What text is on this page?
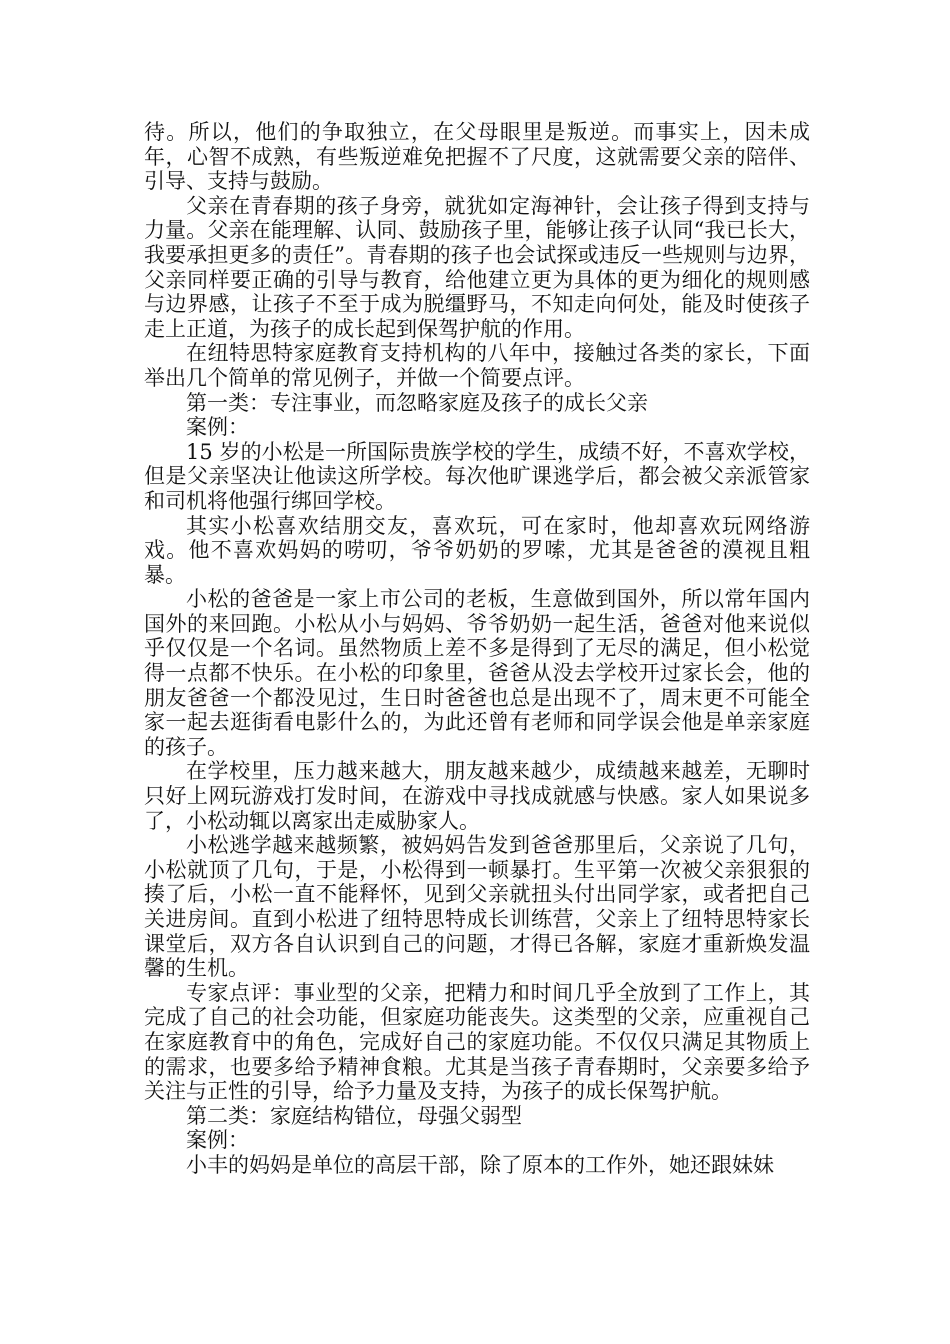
待。所以，他们的争取独立，在父母眼里是叛逆。而事实上，因未成年，心智不成熟，有些叛逆难免把握不了尺度，这就需要父亲的陪伴、引导、支持与鼓励。

父亲在青春期的孩子身旁，就犹如定海神针，会让孩子得到支持与力量。父亲在能理解、认同、鼓励孩子里，能够让孩子认同“我已长大，我要承担更多的责任”。青春期的孩子也会试探或违反一些规则与边界，父亲同样要正确的引导与教育，给他建立更为具体的更为细化的规则感与边界感，让孩子不至于成为脱缰野马，不知走向何处，能及时使孩子走上正道，为孩子的成长起到保驾护航的作用。

在纽特思特家庭教育支持机构的八年中，接触过各类的家长，下面举出几个简单的常见例子，并做一个简要点评。

第一类：专注事业，而忽略家庭及孩子的成长父亲

案例：

15 岁的小松是一所国际贵族学校的学生，成绩不好，不喜欢学校，但是父亲坚决让他读这所学校。每次他旷课逃学后，都会被父亲派管家和司机将他强行绑回学校。

其实小松喜欢结朋交友，喜欢玩，可在家时，他却喜欢玩网络游戏。他不喜欢妈妈的唠叨，爷爷奶奶的罗嗦，尤其是爸爸的漠视且粗暴。

小松的爸爸是一家上市公司的老板，生意做到国外，所以常年国内国外的来回跑。小松从小与妈妈、爷爷奶奶一起生活，爸爸对他来说似乎仅仅是一个名词。虽然物质上差不多是得到了无尽的满足，但小松觉得一点都不快乐。在小松的印象里，爸爸从没去学校开过家长会，他的朋友爸爸一个都没见过，生日时爸爸也总是出现不了，周末更不可能全家一起去逛街看电影什么的，为此还曾有老师和同学误会他是单亲家庭的孩子。

在学校里，压力越来越大，朋友越来越少，成绩越来越差，无聊时只好上网玩游戏打发时间，在游戏中寻找成就感与快感。家人如果说多了，小松动辄以离家出走威胁家人。

小松逃学越来越频繁，被妈妈告发到爸爸那里后，父亲说了几句，小松就顶了几句，于是，小松得到一顿暴打。生平第一次被父亲狠狠的揍了后，小松一直不能释怀，见到父亲就扭头付出同学家，或者把自己关进房间。直到小松进了纽特思特成长训练营，父亲上了纽特思特家长课堂后，双方各自认识到自己的问题，才得已各解，家庭才重新焕发温馨的生机。

专家点评：事业型的父亲，把精力和时间几乎全放到了工作上，其完成了自己的社会功能，但家庭功能丧失。这类型的父亲，应重视自己在家庭教育中的角色，完成好自己的家庭功能。不仅仅只满足其物质上的需求，也要多给予精神食粮。尤其是当孩子青春期时，父亲要多给予关注与正性的引导，给予力量及支持，为孩子的成长保驾护航。

第二类：家庭结构错位，母强父弱型

案例：

小丰的妈妈是单位的高层干部，除了原本的工作外，她还跟妹妹
